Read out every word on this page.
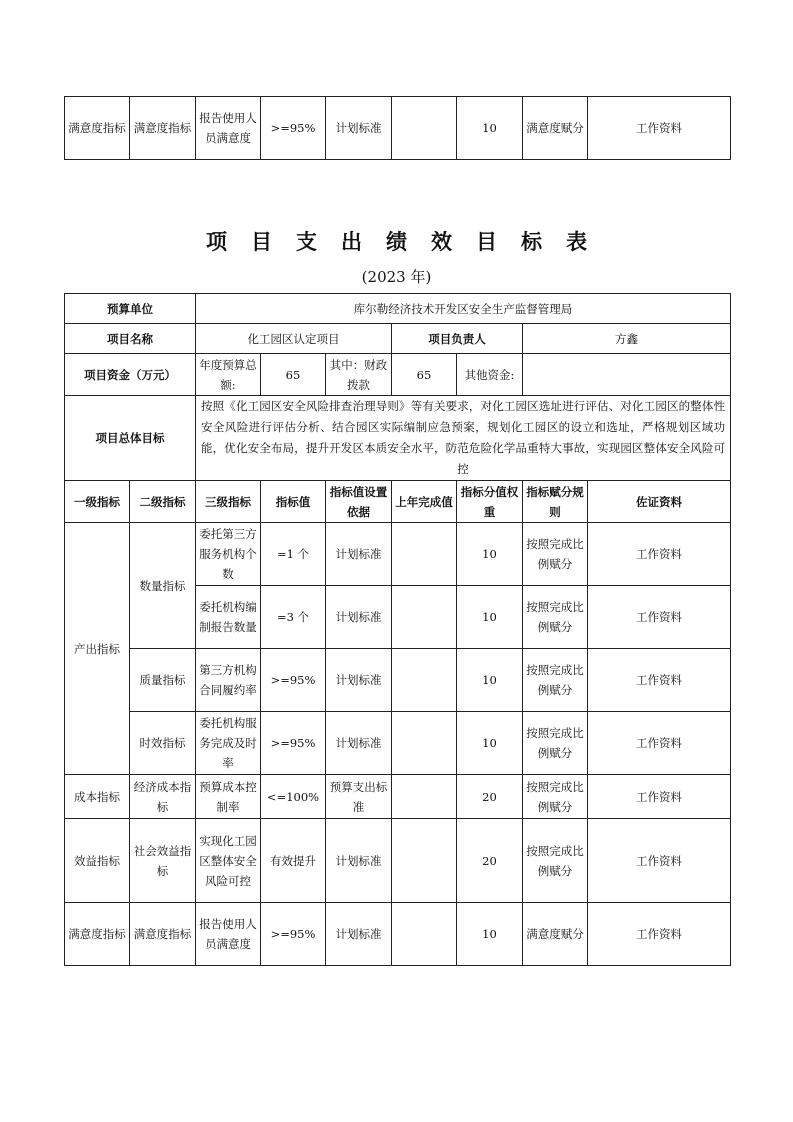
满意度指标	满意度指标	报告使用人员满意度	>=95%	计划标准		10	满意度赋分	工作资料
项目支出绩效目标表
(2023 年)
预算单位		库尔勒经济技术开发区安全生产监督管理局						
项目名称		化工园区认定项目			项目负责人		方鑫	
项目资金（万元）		年度预算总额:	65	其中：财政拨款	65	其他资金:		
项目总体目标		按照《化工园区安全风险排查治理导则》等有关要求，对化工园区选址进行评估、对化工园区的整体性安全风险进行评估分析、结合园区实际编制应急预案，规划化工园区的设立和选址，严格规划区域功能，优化安全布局，提升开发区本质安全水平，防范危险化学品重特大事故，实现园区整体安全风险可控						
一级指标	二级指标	三级指标	指标值	指标值设置依据	上年完成值	指标分值权重	指标赋分规则	佐证资料
产出指标	数量指标	委托第三方服务机构个数	=1 个	计划标准		10	按照完成比例赋分	工作资料
		委托机构编制报告数量	=3 个	计划标准		10	按照完成比例赋分	工作资料
	质量指标	第三方机构合同履约率	>=95%	计划标准		10	按照完成比例赋分	工作资料
	时效指标	委托机构服务完成及时率	>=95%	计划标准		10	按照完成比例赋分	工作资料
成本指标	经济成本指标	预算成本控制率	<=100%	预算支出标准		20	按照完成比例赋分	工作资料
效益指标	社会效益指标	实现化工园区整体安全风险可控	有效提升	计划标准		20	按照完成比例赋分	工作资料
满意度指标	满意度指标	报告使用人员满意度	>=95%	计划标准		10	满意度赋分	工作资料
